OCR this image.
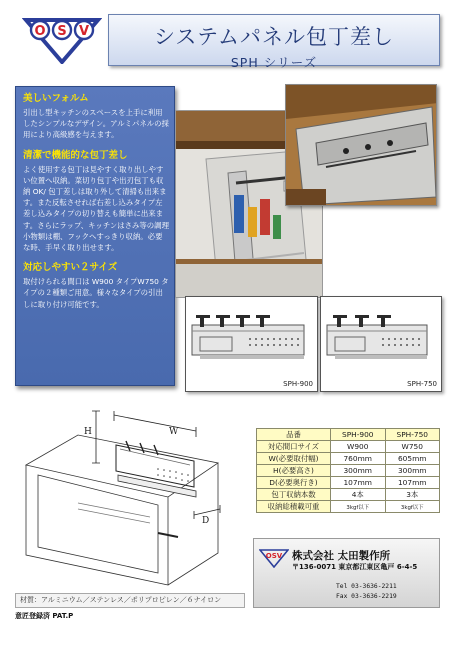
O S V	システムパネル包丁差し
SPH シリーズ
美しいフォルム
引出し型キッチンのスペースを上手に利用したシンプルなデザイン。アルミパネルの採用により高級感を与えます。
清潔で機能的な包丁差し
よく使用する包丁は見やすく取り出しやすい位置へ収納。菜切り包丁や出刃包丁も収納 OK/ 包丁差しは取り外して清掃も出来ます。また反転させれば右差し込みタイプ左差し込みタイプの切り替えも簡単に出来ます。さらにラップ、キッチンはさみ等の調理小物類は棚、フックへすっきり収納。必要な時、手早く取り出せます。
対応しやすい２サイズ
取付けられる間口は W900 タイプW750 タイプの２種類ご用意。様々なタイプの引出しに取り付け可能です。
SPH-900	SPH-750
H	W
D
品番	SPH-900	SPH-750
対応間口サイズ	W900	W750
W(必要取付幅)	760mm	605mm
H(必要高さ)	300mm	300mm
D(必要奥行き)	107mm	107mm
包丁収納本数	4本	3本
収納総積載可重	3kgf以下	3kgf以下
OSV 株式会社 太田製作所
〒136-0071 東京都江東区亀戸 6-4-5
Tel 03-3636-2211
Fax 03-3636-2219
材質：アルミニウム／ステンレス／ポリプロピレン／６ナイロン
意匠登録済 PAT.P
